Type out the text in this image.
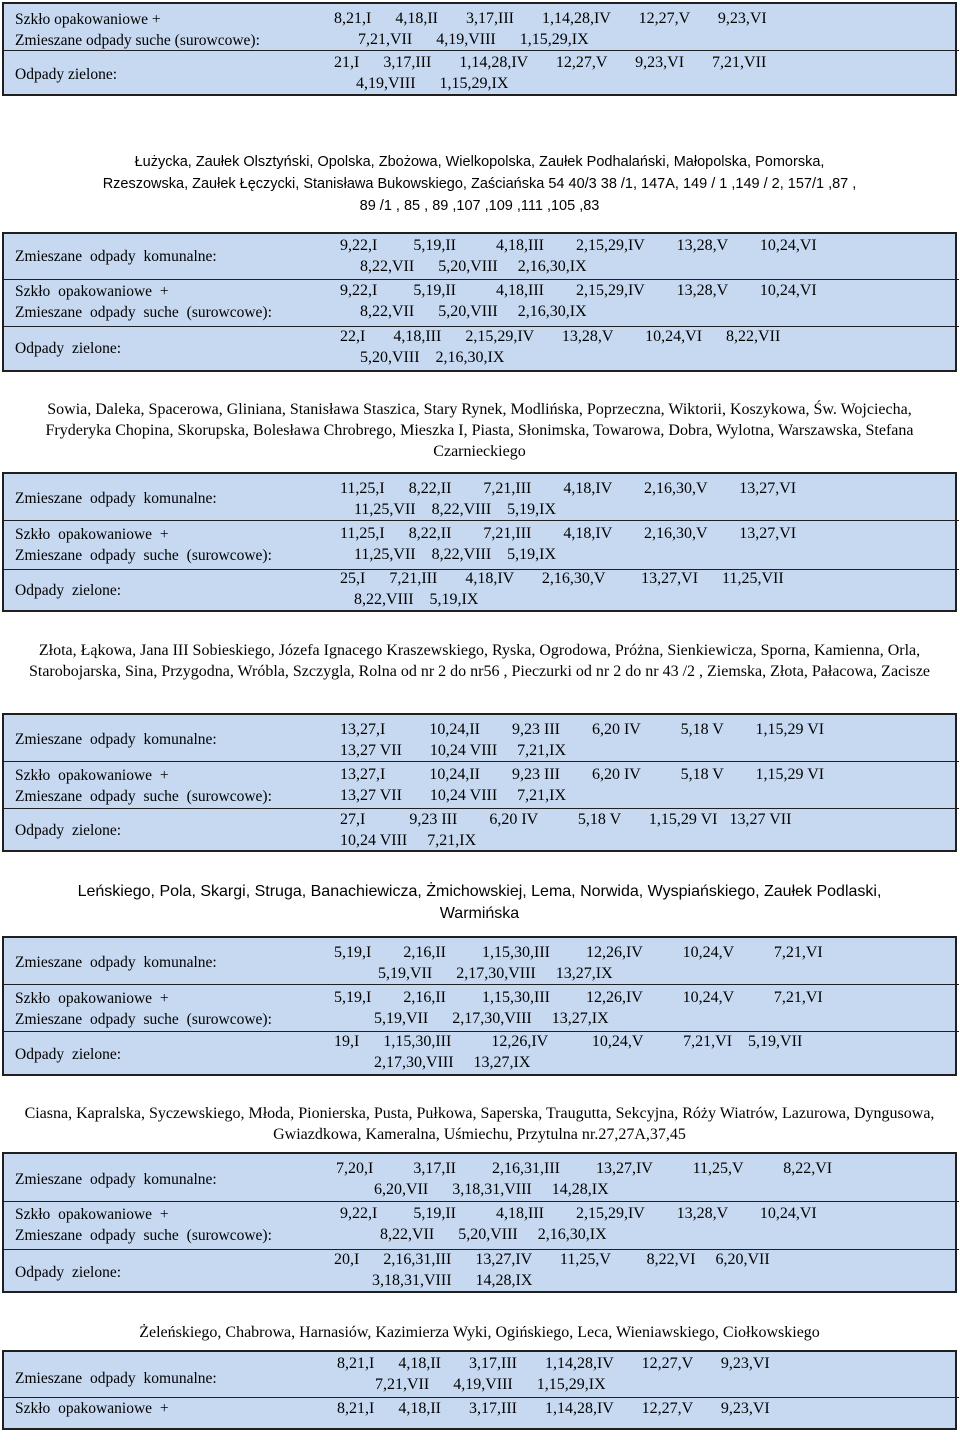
Szkło opakowaniowe +
Zmieszane odpady suche (surowcowe):

8,21,I      4,18,II       3,17,III       1,14,28,IV       12,27,V       9,23,VI

7,21,VII      4,19,VIII      1,15,29,IX

Odpady zielone:

21,I      3,17,III       1,14,28,IV       12,27,V       9,23,VI       7,21,VII

4,19,VIII      1,15,29,IX

Łużycka, Zaułek Olsztyński, Opolska, Zbożowa, Wielkopolska, Zaułek Podhalański, Małopolska, Pomorska, Rzeszowska, Zaułek Łęczycki, Stanisława Bukowskiego, Zaściańska 54 40/3 38 /1, 147A, 149 / 1 ,149 / 2, 157/1 ,87 , 89 /1 , 85 , 89 ,107 ,109 ,111 ,105 ,83
Zmieszane odpady komunalne:

9,22,I         5,19,II          4,18,III        2,15,29,IV        13,28,V        10,24,VI

8,22,VII      5,20,VIII     2,16,30,IX

Szkło opakowaniowe +
Zmieszane odpady suche (surowcowe):

9,22,I         5,19,II          4,18,III        2,15,29,IV        13,28,V        10,24,VI

8,22,VII      5,20,VIII     2,16,30,IX

Odpady zielone:

22,I       4,18,III      2,15,29,IV       13,28,V        10,24,VI      8,22,VII

5,20,VIII    2,16,30,IX

Sowia, Daleka, Spacerowa, Gliniana, Stanisława Staszica, Stary Rynek, Modlińska, Poprzeczna, Wiktorii, Koszykowa, Św. Wojciecha, Fryderyka Chopina, Skorupska, Bolesława Chrobrego, Mieszka I, Piasta, Słonimska, Towarowa, Dobra, Wylotna, Warszawska, Stefana Czarnieckiego
Zmieszane odpady komunalne:

11,25,I      8,22,II        7,21,III        4,18,IV        2,16,30,V        13,27,VI

11,25,VII    8,22,VIII    5,19,IX

Szkło opakowaniowe +
Zmieszane odpady suche (surowcowe):

11,25,I      8,22,II        7,21,III        4,18,IV        2,16,30,V        13,27,VI

11,25,VII    8,22,VIII    5,19,IX

Odpady zielone:

25,I      7,21,III       4,18,IV       2,16,30,V         13,27,VI      11,25,VII

8,22,VIII    5,19,IX

Złota, Łąkowa, Jana III Sobieskiego, Józefa Ignacego Kraszewskiego, Ryska, Ogrodowa, Próżna, Sienkiewicza, Sporna, Kamienna, Orla, Starobojarska, Sina, Przygodna, Wróbla, Szczygla, Rolna od nr 2 do nr56 , Pieczurki od nr 2 do nr 43 /2 , Ziemska, Złota, Pałacowa, Zacisze
Zmieszane odpady komunalne:

13,27,I           10,24,II        9,23 III        6,20 IV          5,18 V        1,15,29 VI

13,27 VII       10,24 VIII     7,21,IX

Szkło opakowaniowe +
Zmieszane odpady suche (surowcowe):

13,27,I           10,24,II        9,23 III        6,20 IV          5,18 V        1,15,29 VI

13,27 VII       10,24 VIII     7,21,IX

Odpady zielone:

27,I           9,23 III        6,20 IV          5,18 V       1,15,29 VI   13,27 VII

10,24 VIII     7,21,IX

Leńskiego, Pola, Skargi, Struga, Banachiewicza, Żmichowskiej, Lema, Norwida, Wyspiańskiego, Zaułek Podlaski, Warmińska
Zmieszane odpady komunalne:

5,19,I        2,16,II         1,15,30,III         12,26,IV          10,24,V          7,21,VI

5,19,VII      2,17,30,VIII     13,27,IX

Szkło opakowaniowe +
Zmieszane odpady suche (surowcowe):

5,19,I        2,16,II         1,15,30,III         12,26,IV          10,24,V          7,21,VI

5,19,VII      2,17,30,VIII     13,27,IX

Odpady zielone:

19,I      1,15,30,III          12,26,IV           10,24,V          7,21,VI    5,19,VII

2,17,30,VIII     13,27,IX

Ciasna, Kapralska, Syczewskiego, Młoda, Pionierska, Pusta, Pułkowa, Saperska, Traugutta, Sekcyjna, Róży Wiatrów, Lazurowa, Dyngusowa, Gwiazdkowa, Kameralna, Uśmiechu, Przytulna nr.27,27A,37,45
Zmieszane odpady komunalne:

7,20,I          3,17,II         2,16,31,III         13,27,IV          11,25,V          8,22,VI

6,20,VII      3,18,31,VIII     14,28,IX

Szkło opakowaniowe +
Zmieszane odpady suche (surowcowe):

9,22,I         5,19,II          4,18,III        2,15,29,IV        13,28,V        10,24,VI

8,22,VII      5,20,VIII     2,16,30,IX

Odpady zielone:

20,I      2,16,31,III      13,27,IV       11,25,V         8,22,VI     6,20,VII

3,18,31,VIII      14,28,IX

Żeleńskiego, Chabrowa, Harnasiów, Kazimierza Wyki, Ogińskiego, Leca, Wieniawskiego, Ciołkowskiego
Zmieszane odpady komunalne:

8,21,I      4,18,II       3,17,III       1,14,28,IV       12,27,V       9,23,VI

7,21,VII      4,19,VIII      1,15,29,IX

Szkło opakowaniowe +

	8,21,I      4,18,II       3,17,III       1,14,28,IV       12,27,V       9,23,VI
